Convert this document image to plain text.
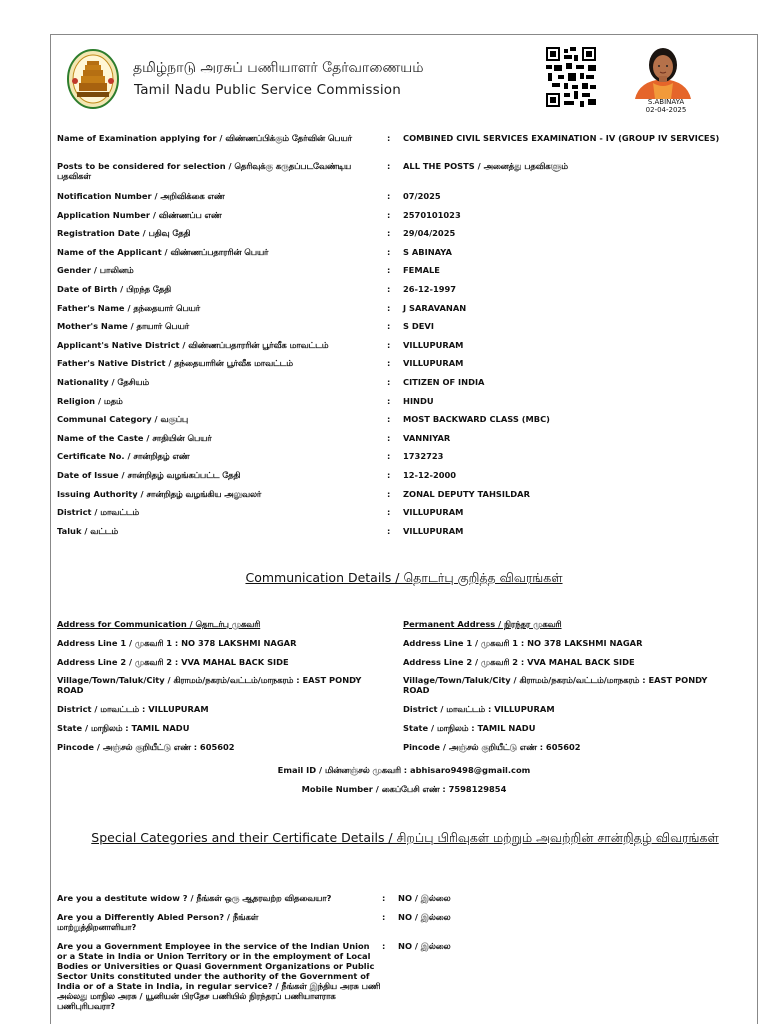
தமிழ்நாடு அரசுப் பணியாளர் தேர்வாணையம்
Tamil Nadu Public Service Commission
S.ABINAYA
02-04-2025
Name of Examination applying for / விண்ணப்பிக்கும் தேர்வின் பெயர்	:	COMBINED CIVIL SERVICES EXAMINATION - IV (GROUP IV SERVICES)
Posts to be considered for selection / தெரிவுக்கு கருதப்படவேண்டிய பதவிகள்
:	ALL THE POSTS / அனைத்து பதவிகளும்
Notification Number / அறிவிக்கை எண்	:	07/2025
Application Number / விண்ணப்ப எண்	:	2570101023
Registration Date / பதிவு தேதி	:	29/04/2025
Name of the Applicant / விண்ணப்பதாரரின் பெயர்	:	S ABINAYA
Gender / பாலினம்	:	FEMALE
Date of Birth / பிறந்த தேதி	:	26-12-1997
Father's Name / தந்தையார் பெயர்	:	J SARAVANAN
Mother's Name / தாயார் பெயர்	:	S DEVI
Applicant's Native District / விண்ணப்பதாரரின் பூர்வீக மாவட்டம்	:	VILLUPURAM
Father's Native District / தந்தையாரின் பூர்வீக மாவட்டம்	:	VILLUPURAM
Nationality / தேசியம்	:	CITIZEN OF INDIA
Religion / மதம்	:	HINDU
Communal Category / வகுப்பு	:	MOST BACKWARD CLASS (MBC)
Name of the Caste / சாதியின் பெயர்	:	VANNIYAR
Certificate No. / சான்றிதழ் எண்	:	1732723
Date of Issue / சான்றிதழ் வழங்கப்பட்ட தேதி	:	12-12-2000
Issuing Authority / சான்றிதழ் வழங்கிய அலுவலர்	:	ZONAL DEPUTY TAHSILDAR
District / மாவட்டம்	:	VILLUPURAM
Taluk / வட்டம்	:	VILLUPURAM
Communication Details / தொடர்பு குறித்த விவரங்கள்
Address for Communication / தொடர்பு முகவரி	Permanent Address / நிரந்தர முகவரி
Address Line 1 / முகவரி 1 : NO 378 LAKSHMI NAGAR
Address Line 2 / முகவரி 2 : VVA MAHAL BACK SIDE
Village/Town/Taluk/City / கிராமம்/நகரம்/வட்டம்/மாநகரம் : EAST PONDY ROAD
District / மாவட்டம் : VILLUPURAM
State / மாநிலம் : TAMIL NADU
Pincode / அஞ்சல் குறியீட்டு எண் : 605602
Address Line 1 / முகவரி 1 : NO 378 LAKSHMI NAGAR
Address Line 2 / முகவரி 2 : VVA MAHAL BACK SIDE
Village/Town/Taluk/City / கிராமம்/நகரம்/வட்டம்/மாநகரம் : EAST PONDY ROAD
District / மாவட்டம் : VILLUPURAM
State / மாநிலம் : TAMIL NADU
Pincode / அஞ்சல் குறியீட்டு எண் : 605602
Email ID / மின்னஞ்சல் முகவரி : abhisaro9498@gmail.com
Mobile Number / கைப்பேசி எண் : 7598129854
Special Categories and their Certificate Details / சிறப்பு பிரிவுகள் மற்றும் அவற்றின் சான்றிதழ் விவரங்கள்
Are you a destitute widow ? / நீங்கள் ஒரு ஆதரவற்ற விதவையா?	:	NO / இல்லை
Are you a Differently Abled Person? / நீங்கள் மாற்றுத்திறனாளியா?
:	NO / இல்லை
Are you a Government Employee in the service of the Indian Union or a State in India or Union Territory or in the employment of Local Bodies or Universities or Quasi Government Organizations or Public Sector Units constituted under the authority of the Government of India or of a State in India, in regular service? / நீங்கள் இந்திய அரசு பணி அல்லது மாநில அரசு / யூனியன் பிரதேச பணியில் நிரந்தரப் பணியாளராக பணிபுரிபவரா?
:	NO / இல்லை
